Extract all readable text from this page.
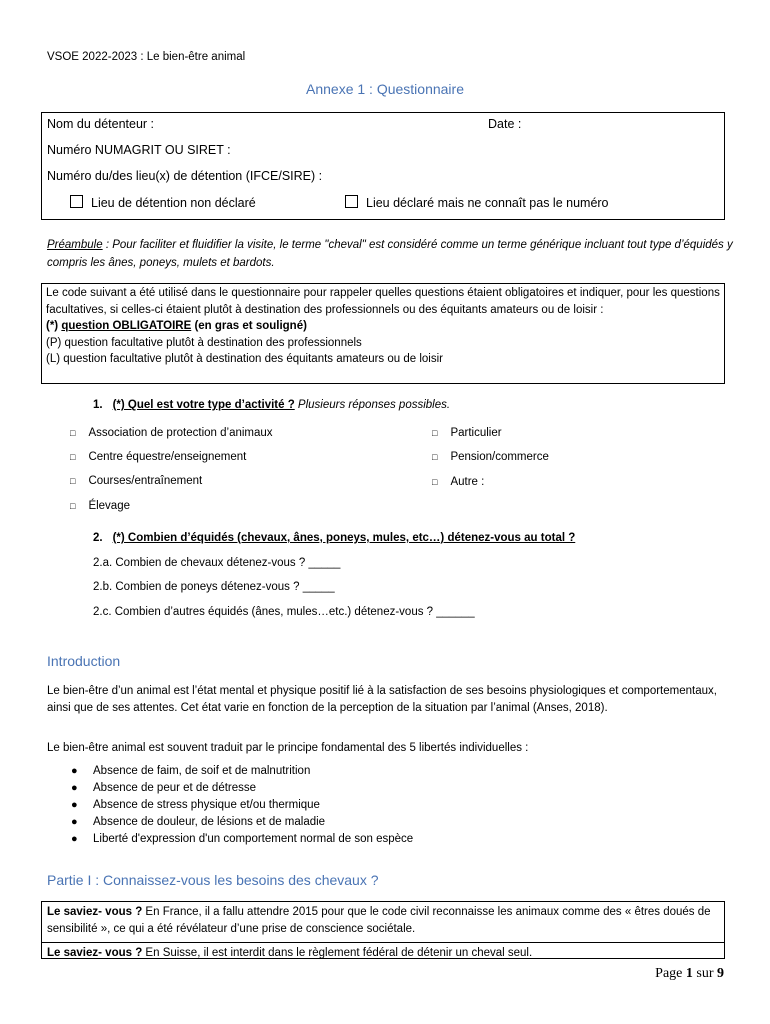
VSOE 2022-2023 : Le bien-être animal
Annexe 1 : Questionnaire
Nom du détenteur :	Date :
Numéro NUMAGRIT OU SIRET :
Numéro du/des lieu(x) de détention (IFCE/SIRE) :
Lieu de détention non déclaré	Lieu déclaré mais ne connaît pas le numéro
Préambule : Pour faciliter et fluidifier la visite, le terme "cheval" est considéré comme un terme générique incluant tout type d’équidés y compris les ânes, poneys, mulets et bardots.
Le code suivant a été utilisé dans le questionnaire pour rappeler quelles questions étaient obligatoires et indiquer, pour les questions facultatives, si celles-ci étaient plutôt à destination des professionnels ou des équitants amateurs ou de loisir :
(*) question OBLIGATOIRE (en gras et souligné)
(P) question facultative plutôt à destination des professionnels
(L) question facultative plutôt à destination des équitants amateurs ou de loisir
1. (*) Quel est votre type d’activité ? Plusieurs réponses possibles.
□ Association de protection d’animaux
□ Centre équestre/enseignement
□ Courses/entraînement
□ Élevage
□ Particulier
□ Pension/commerce
□ Autre :
2. (*) Combien d’équidés (chevaux, ânes, poneys, mules, etc…) détenez-vous au total ?
2.a. Combien de chevaux détenez-vous ? _____
2.b. Combien de poneys détenez-vous ? _____
2.c. Combien d’autres équidés (ânes, mules…etc.) détenez-vous ? ______
Introduction
Le bien-être d’un animal est l’état mental et physique positif lié à la satisfaction de ses besoins physiologiques et comportementaux, ainsi que de ses attentes. Cet état varie en fonction de la perception de la situation par l’animal (Anses, 2018).
Le bien-être animal est souvent traduit par le principe fondamental des 5 libertés individuelles :
● Absence de faim, de soif et de malnutrition
● Absence de peur et de détresse
● Absence de stress physique et/ou thermique
● Absence de douleur, de lésions et de maladie
● Liberté d'expression d'un comportement normal de son espèce
Partie I : Connaissez-vous les besoins des chevaux ?
Le saviez- vous ? En France, il a fallu attendre 2015 pour que le code civil reconnaisse les animaux comme des « êtres doués de sensibilité », ce qui a été révélateur d’une prise de conscience sociétale.
Le saviez- vous ? En Suisse, il est interdit dans le règlement fédéral de détenir un cheval seul.
Page 1 sur 9
